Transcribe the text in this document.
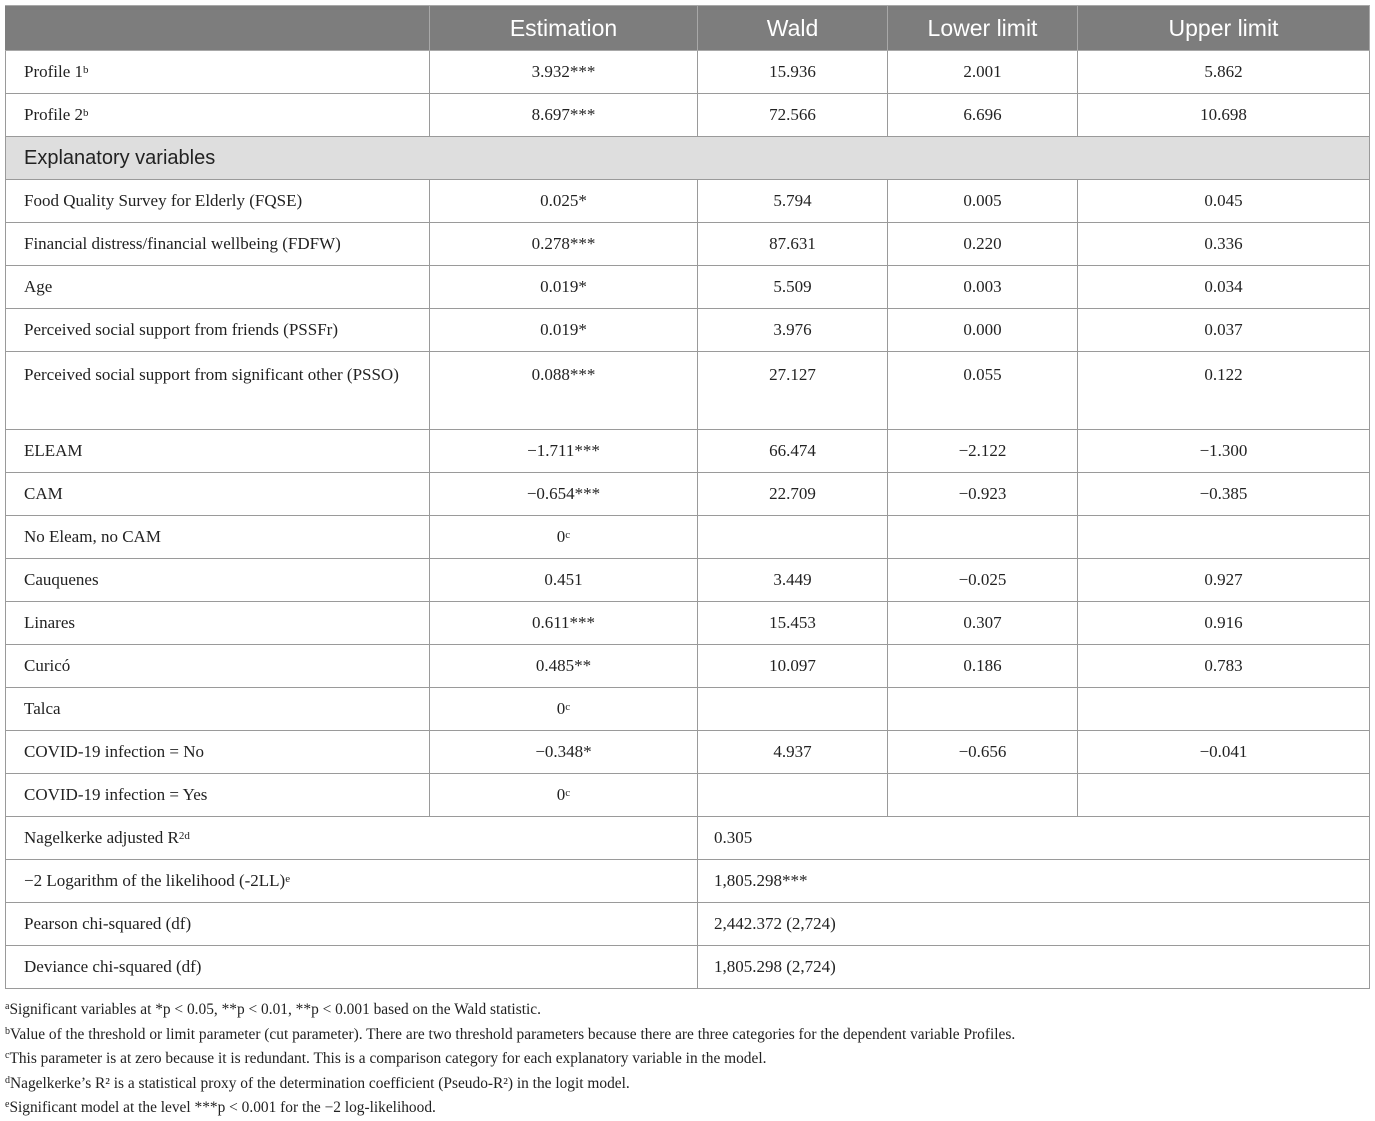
	Estimation	Wald	Lower limit	Upper limit
Profile 1$^b$	3.932***	15.936	2.001	5.862
Profile 2$^b$	8.697***	72.566	6.696	10.698
Explanatory variables				
Food Quality Survey for Elderly (FQSE)	0.025*	5.794	0.005	0.045
Financial distress/financial wellbeing (FDFW)	0.278***	87.631	0.220	0.336
Age	0.019*	5.509	0.003	0.034
Perceived social support from friends (PSSFr)	0.019*	3.976	0.000	0.037
Perceived social support from significant other (PSSO)	0.088***	27.127	0.055	0.122
ELEAM	−1.711***	66.474	−2.122	−1.300
CAM	−0.654***	22.709	−0.923	−0.385
No Eleam, no CAM	0$^c$			
Cauquenes	0.451	3.449	−0.025	0.927
Linares	0.611***	15.453	0.307	0.916
Curicó	0.485**	10.097	0.186	0.783
Talca	0$^c$			
COVID-19 infection = No	−0.348*	4.937	−0.656	−0.041
COVID-19 infection = Yes	0$^c$			
Nagelkerke adjusted $R^{2d}$		0.305		
−2 Logarithm of the likelihood $(-2LL)^e$		1,805.298***		
Pearson chi-squared (df)		2,442.372 (2,724)		
Deviance chi-squared (df)		1,805.298 (2,724)		
$^a$Significant variables at *p < 0.05, **p < 0.01, **p < 0.001 based on the Wald statistic.
$^b$Value of the threshold or limit parameter (cut parameter). There are two threshold parameters because there are three categories for the dependent variable Profiles.
$^c$This parameter is at zero because it is redundant. This is a comparison category for each explanatory variable in the model.
$^d$Nagelkerke’s R² is a statistical proxy of the determination coefficient (Pseudo-R²) in the logit model.
$^e$Significant model at the level ***p < 0.001 for the −2 log-likelihood.
